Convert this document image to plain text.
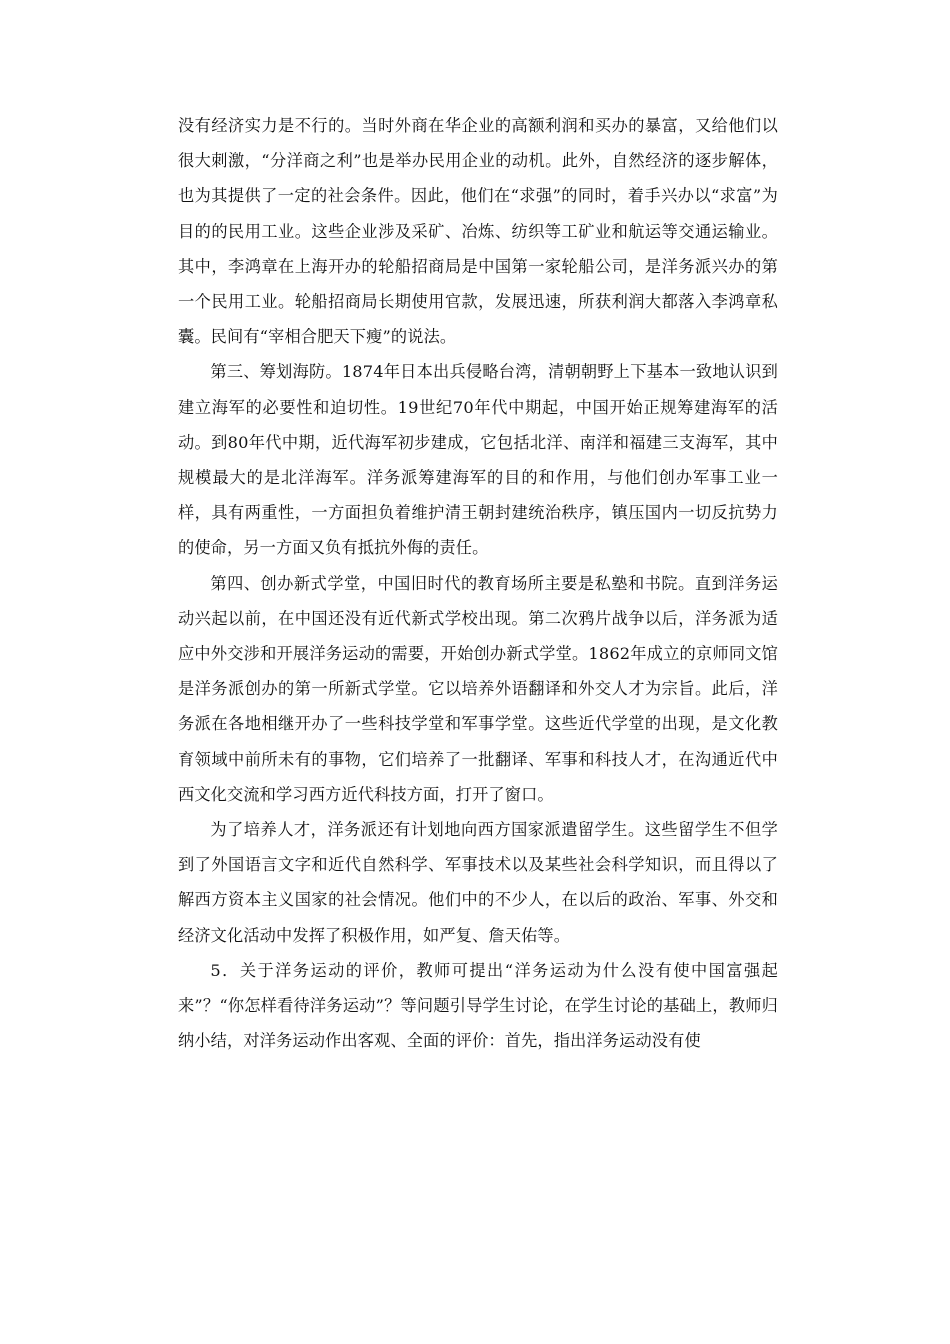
没有经济实力是不行的。当时外商在华企业的高额利润和买办的暴富，又给他们以很大刺激，“分洋商之利”也是举办民用企业的动机。此外，自然经济的逐步解体，也为其提供了一定的社会条件。因此，他们在“求强”的同时，着手兴办以“求富”为目的的民用工业。这些企业涉及采矿、冶炼、纺织等工矿业和航运等交通运输业。其中，李鸿章在上海开办的轮船招商局是中国第一家轮船公司，是洋务派兴办的第一个民用工业。轮船招商局长期使用官款，发展迅速，所获利润大都落入李鸿章私囊。民间有“宰相合肥天下瘦”的说法。

第三、筹划海防。1874年日本出兵侵略台湾，清朝朝野上下基本一致地认识到建立海军的必要性和迫切性。19世纪70年代中期起，中国开始正规筹建海军的活动。到80年代中期，近代海军初步建成，它包括北洋、南洋和福建三支海军，其中规模最大的是北洋海军。洋务派筹建海军的目的和作用，与他们创办军事工业一样，具有两重性，一方面担负着维护清王朝封建统治秩序，镇压国内一切反抗势力的使命，另一方面又负有抵抗外侮的责任。

第四、创办新式学堂，中国旧时代的教育场所主要是私塾和书院。直到洋务运动兴起以前，在中国还没有近代新式学校出现。第二次鸦片战争以后，洋务派为适应中外交涉和开展洋务运动的需要，开始创办新式学堂。1862年成立的京师同文馆是洋务派创办的第一所新式学堂。它以培养外语翻译和外交人才为宗旨。此后，洋务派在各地相继开办了一些科技学堂和军事学堂。这些近代学堂的出现，是文化教育领域中前所未有的事物，它们培养了一批翻译、军事和科技人才，在沟通近代中西文化交流和学习西方近代科技方面，打开了窗口。

为了培养人才，洋务派还有计划地向西方国家派遣留学生。这些留学生不但学到了外国语言文字和近代自然科学、军事技术以及某些社会科学知识，而且得以了解西方资本主义国家的社会情况。他们中的不少人，在以后的政治、军事、外交和经济文化活动中发挥了积极作用，如严复、詹天佑等。

5．关于洋务运动的评价，教师可提出“洋务运动为什么没有使中国富强起来”？“你怎样看待洋务运动”？等问题引导学生讨论，在学生讨论的基础上，教师归纳小结，对洋务运动作出客观、全面的评价：首先，指出洋务运动没有使
